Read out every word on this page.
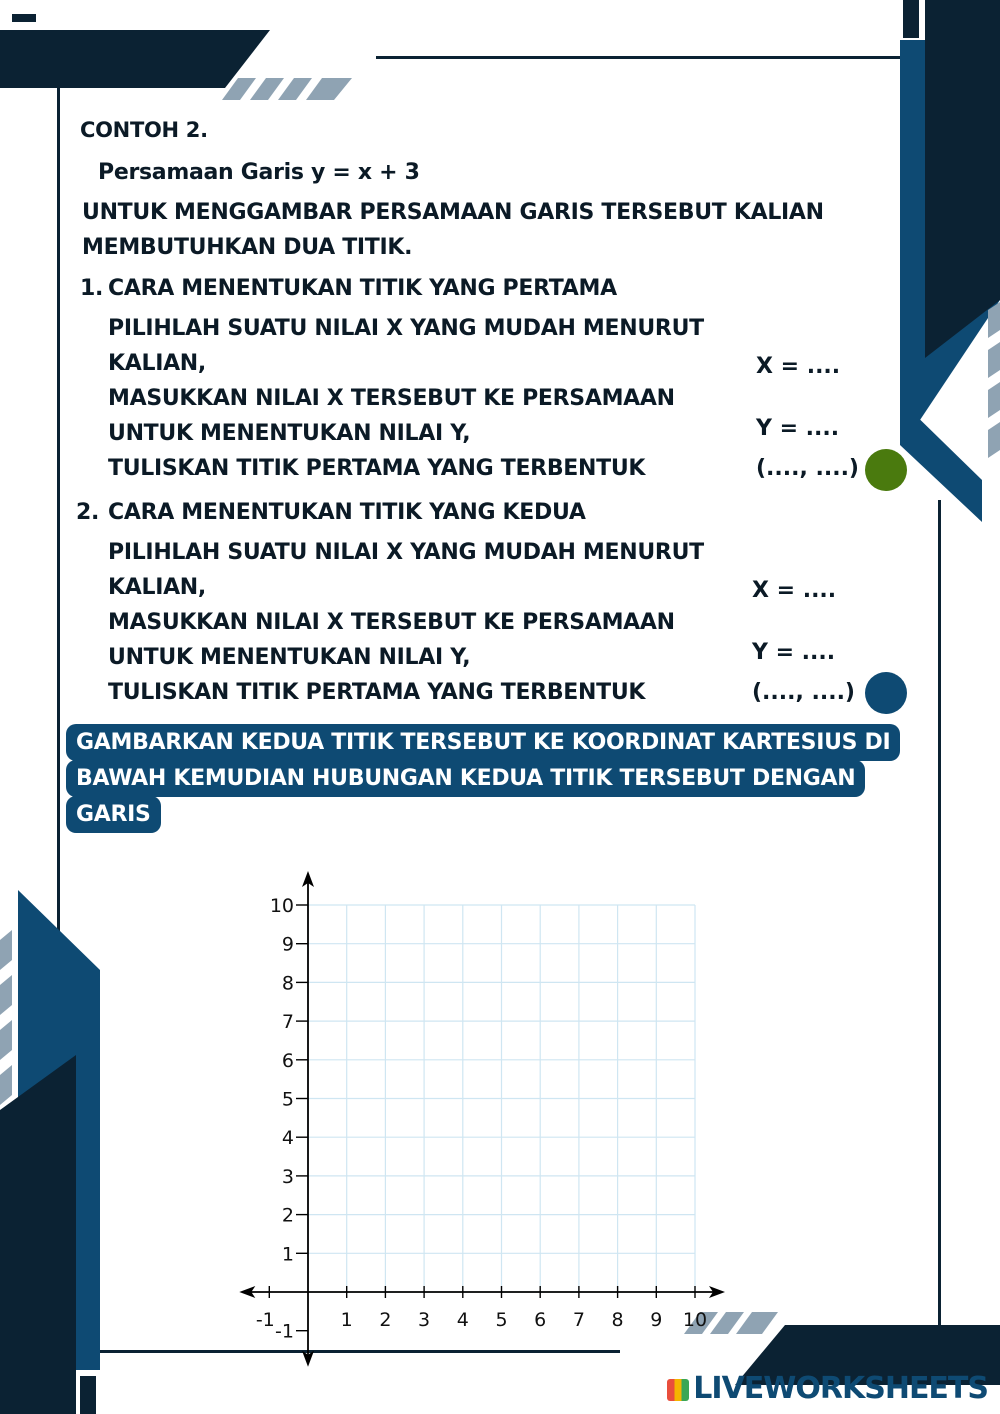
CONTOH 2.
Persamaan Garis y = x + 3
UNTUK MENGGAMBAR PERSAMAAN GARIS TERSEBUT KALIAN
MEMBUTUHKAN DUA TITIK.
1. CARA MENENTUKAN TITIK YANG PERTAMA
PILIHLAH SUATU NILAI X YANG MUDAH MENURUT
KALIAN,
MASUKKAN NILAI X TERSEBUT KE PERSAMAAN
UNTUK MENENTUKAN NILAI Y,
TULISKAN TITIK PERTAMA YANG TERBENTUK
X = ....
Y = ....
(...., ....)
2. CARA MENENTUKAN TITIK YANG KEDUA
PILIHLAH SUATU NILAI X YANG MUDAH MENURUT
KALIAN,
MASUKKAN NILAI X TERSEBUT KE PERSAMAAN
UNTUK MENENTUKAN NILAI Y,
TULISKAN TITIK PERTAMA YANG TERBENTUK
X = ....
Y = ....
(...., ....)
GAMBARKAN KEDUA TITIK TERSEBUT KE KOORDINAT KARTESIUS DI
BAWAH KEMUDIAN HUBUNGAN KEDUA TITIK TERSEBUT DENGAN
GARIS
-1	1 2 3 4 5 6 7 8 9 10
-1
1
2
3
4
5
6
7
8
9
10
LIVEWORKSHEETS
